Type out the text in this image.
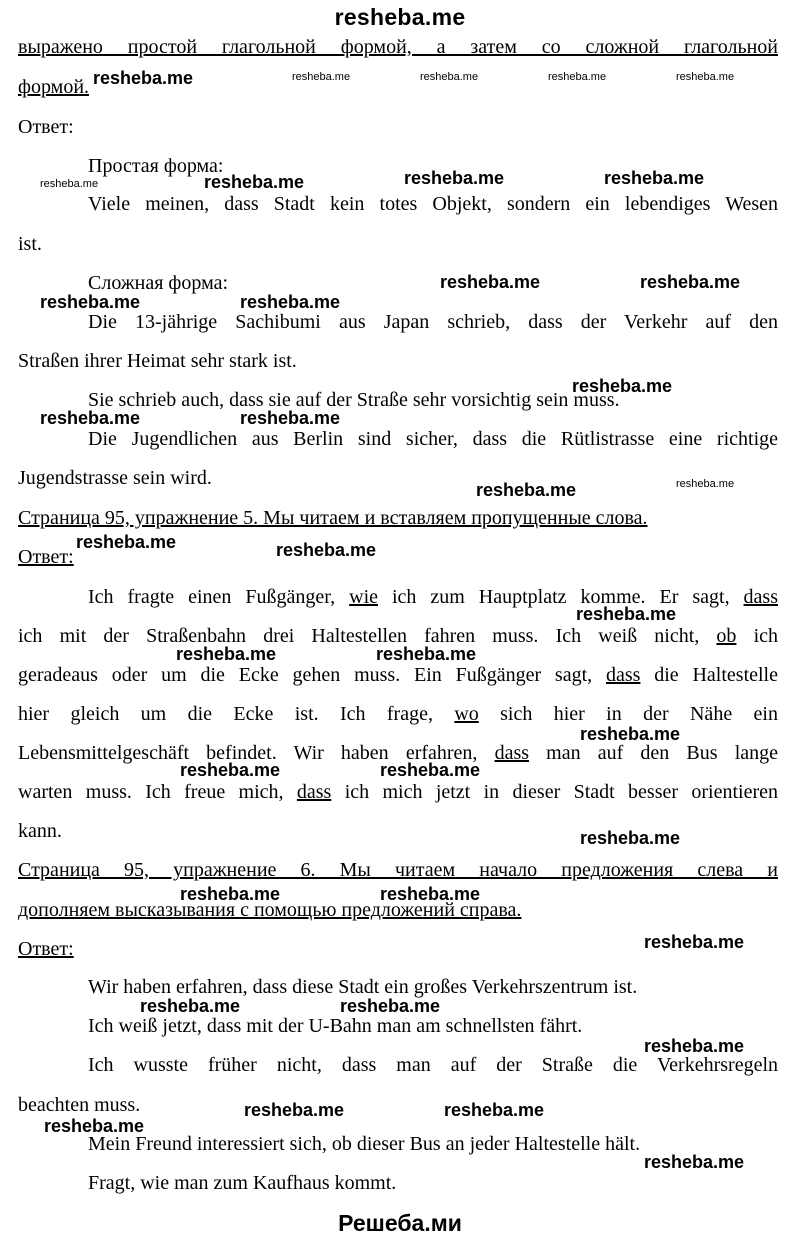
resheba.me
выражено простой глагольной формой, а затем со сложной глагольной
формой.
Ответ:
Простая форма:
Viele meinen, dass Stadt kein totes Objekt, sondern ein lebendiges Wesen
ist.
Сложная форма:
Die 13-jährige Sachibumi aus Japan schrieb, dass der Verkehr auf den
Straßen ihrer Heimat sehr stark ist.
Sie schrieb auch, dass sie auf der Straße sehr vorsichtig sein muss.
Die Jugendlichen aus Berlin sind sicher, dass die Rütlistrasse eine richtige
Jugendstrasse sein wird.
Страница 95, упражнение 5. Мы читаем и вставляем пропущенные слова.
Ответ:
Ich fragte einen Fußgänger, wie ich zum Hauptplatz komme. Er sagt, dass
ich mit der Straßenbahn drei Haltestellen fahren muss. Ich weiß nicht, ob ich
geradeaus oder um die Ecke gehen muss. Ein Fußgänger sagt, dass die Haltestelle
hier gleich um die Ecke ist. Ich frage, wo sich hier in der Nähe ein
Lebensmittelgeschäft befindet. Wir haben erfahren, dass man auf den Bus lange
warten muss. Ich freue mich, dass ich mich jetzt in dieser Stadt besser orientieren
kann.
Страница 95, упражнение 6. Мы читаем начало предложения слева и
дополняем высказывания с помощью предложений справа.
Ответ:
Wir haben erfahren, dass diese Stadt ein großes Verkehrszentrum ist.
Ich weiß jetzt, dass mit der U-Bahn man am schnellsten fährt.
Ich wusste früher nicht, dass man auf der Straße die Verkehrsregeln
beachten muss.
Mein Freund interessiert sich, ob dieser Bus an jeder Haltestelle hält.
Fragt, wie man zum Kaufhaus kommt.
resheba.me	resheba.me	resheba.me	resheba.me	resheba.me
resheba.me	resheba.me	resheba.me	resheba.me
resheba.me	resheba.me
resheba.me	resheba.me
resheba.me
resheba.me	resheba.me
resheba.me	resheba.me
resheba.me	resheba.me
resheba.me
resheba.me	resheba.me
resheba.me
resheba.me	resheba.me
resheba.me
resheba.me	resheba.me
resheba.me
resheba.me	resheba.me
resheba.me
resheba.me	resheba.me
resheba.me
resheba.me
Решеба.ми
